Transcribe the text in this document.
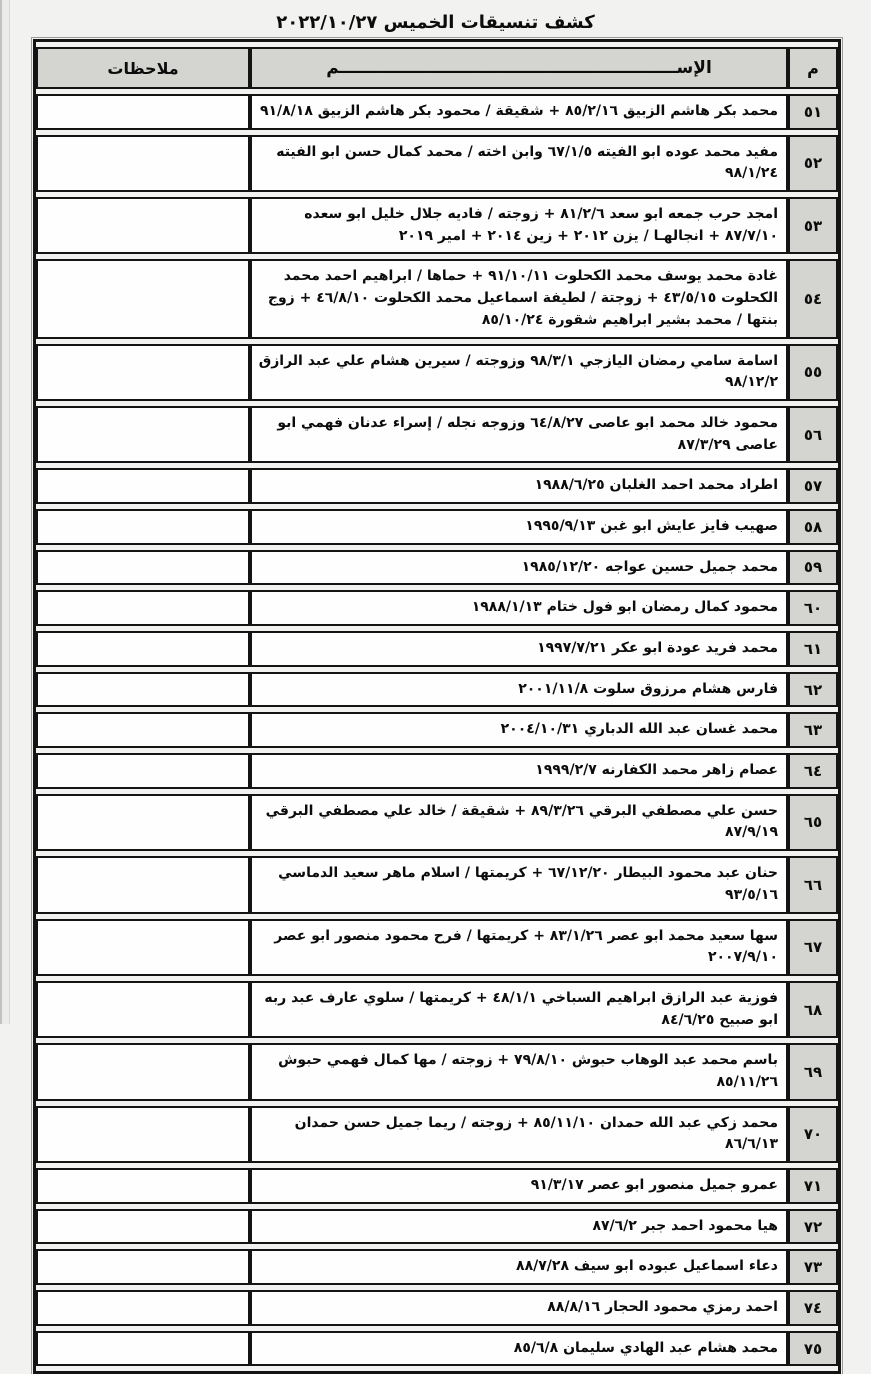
كشف تنسيقات الخميس ٢٠٢٢/١٠/٢٧
م	الإســــــــــــــــــــــــــــــــــــــــــــــــــــــــــم	ملاحظات
٥١	محمد بكر هاشم الزبيق ٨٥/٢/١٦ + شقيقة / محمود بكر هاشم الزبيق ٩١/٨/١٨	
٥٢	مفيد محمد عوده ابو الفيته ٦٧/١/٥ وابن اخته / محمد كمال حسن ابو الفيته ٩٨/١/٢٤	
٥٣	امجد حرب جمعه ابو سعد ٨١/٢/٦ + زوجته / فاديه جلال خليل ابو سعده ٨٧/٧/١٠ + انجالهـا / يزن ٢٠١٢ + زين ٢٠١٤ + امير ٢٠١٩	
٥٤	غادة محمد يوسف محمد الكحلوت ٩١/١٠/١١ + حماها / ابراهيم احمد محمد الكحلوت ٤٣/٥/١٥ + زوجتة / لطيفة اسماعيل محمد الكحلوت ٤٦/٨/١٠ + زوج بنتها / محمد بشير ابراهيم شقورة ٨٥/١٠/٢٤	
٥٥	اسامة سامي رمضان اليازجي ٩٨/٣/١ وزوجته / سيرين هشام علي عبد الرازق ٩٨/١٢/٢	
٥٦	محمود خالد محمد ابو عاصى ٦٤/٨/٢٧ وزوجه نجله / إسراء عدنان فهمي ابو عاصى ٨٧/٣/٢٩	
٥٧	اطراد محمد احمد الغلبان ١٩٨٨/٦/٢٥	
٥٨	صهيب فايز عايش ابو غبن ١٩٩٥/٩/١٣	
٥٩	محمد جميل حسين عواجه ١٩٨٥/١٢/٢٠	
٦٠	محمود كمال رمضان ابو فول ختام ١٩٨٨/١/١٣	
٦١	محمد فريد عودة ابو عكر ١٩٩٧/٧/٢١	
٦٢	فارس هشام مرزوق سلوت ٢٠٠١/١١/٨	
٦٣	محمد غسان عبد الله الدباري ٢٠٠٤/١٠/٣١	
٦٤	عصام زاهر محمد الكفارنه ١٩٩٩/٢/٧	
٦٥	حسن علي مصطفي البرقي ٨٩/٣/٢٦ + شقيقة / خالد علي مصطفي البرقي ٨٧/٩/١٩	
٦٦	حنان عبد محمود البيطار ٦٧/١٢/٢٠ + كريمتها / اسلام ماهر سعيد الدماسي ٩٣/٥/١٦	
٦٧	سها سعيد محمد ابو عصر ٨٣/١/٢٦ + كريمتها / فرح محمود منصور ابو عصر ٢٠٠٧/٩/١٠	
٦٨	فوزية عبد الرازق ابراهيم السباخي ٤٨/١/١ + كريمتها / سلوي عارف عبد ربه ابو صبيح ٨٤/٦/٢٥	
٦٩	باسم محمد عبد الوهاب حبوش ٧٩/٨/١٠ + زوجته / مها كمال فهمي حبوش ٨٥/١١/٢٦	
٧٠	محمد زكي عبد الله حمدان ٨٥/١١/١٠ + زوجته / ريما جميل حسن حمدان ٨٦/٦/١٣	
٧١	عمرو جميل منصور ابو عصر ٩١/٣/١٧	
٧٢	هيا محمود احمد جبر ٨٧/٦/٢	
٧٣	دعاء اسماعيل عبوده ابو سيف ٨٨/٧/٢٨	
٧٤	احمد رمزي محمود الحجار ٨٨/٨/١٦	
٧٥	محمد هشام عبد الهادي سليمان ٨٥/٦/٨	
